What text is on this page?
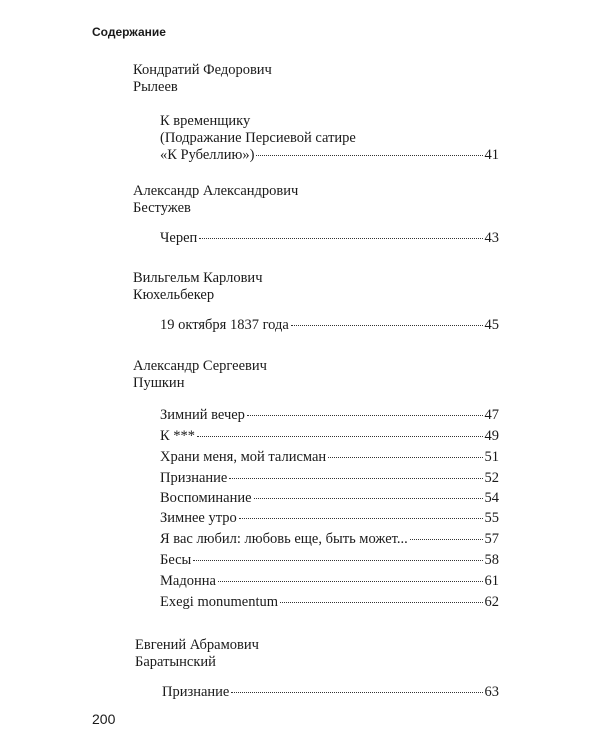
Содержание
Кондратий Федорович
Рылеев
К временщику
(Подражание Персиевой сатире
«К Рубеллию»)	41
Александр Александрович
Бестужев
Череп	43
Вильгельм Карлович
Кюхельбекер
19 октября 1837 года	45
Александр Сергеевич
Пушкин
Зимний вечер	47
К ***	49
Храни меня, мой талисман	51
Признание	52
Воспоминание	54
Зимнее утро	55
Я вас любил: любовь еще, быть может...	57
Бесы	58
Мадонна	61
Exegi monumentum	62
Евгений Абрамович
Баратынский
Признание	63
200
